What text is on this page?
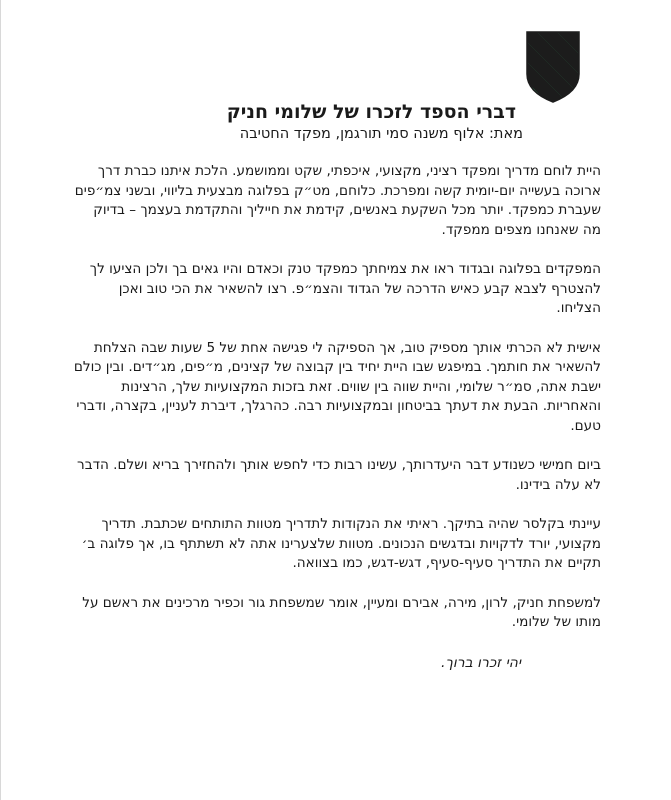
דברי הספד לזכרו של שלומי חניק

מאת: אלוף משנה סמי תורגמן, מפקד החטיבה

היית לוחם מדריך ומפקד רציני, מקצועי, איכפתי, שקט וממושמע. הלכת איתנו כברת דרך ארוכה בעשייה יום-יומית קשה ומפרכת. כלוחם, מט״ק בפלוגה מבצעית בליווי, ובשני צמ״פים שעברת כמפקד. יותר מכל השקעת באנשים, קידמת את חייליך והתקדמת בעצמך – בדיוק מה שאנחנו מצפים ממפקד.

המפקדים בפלוגה ובגדוד ראו את צמיחתך כמפקד טנק וכאדם והיו גאים בך ולכן הציעו לך להצטרף לצבא קבע כאיש הדרכה של הגדוד והצמ״פ. רצו להשאיר את הכי טוב ואכן הצליחו.

אישית לא הכרתי אותך מספיק טוב, אך הספיקה לי פגישה אחת של 5 שעות שבה הצלחת להשאיר את חותמך. במיפגש שבו היית יחיד בין קבוצה של קצינים, מ״פים, מג״דים. ובין כולם ישבת אתה, סמ״ר שלומי, והיית שווה בין שווים. זאת בזכות המקצועיות שלך, הרצינות והאחריות. הבעת את דעתך בביטחון ובמקצועיות רבה. כהרגלך, דיברת לעניין, בקצרה, ודברי טעם.

ביום חמישי כשנודע דבר היעדרותך, עשינו רבות כדי לחפש אותך ולהחזירך בריא ושלם. הדבר לא עלה בידינו.

עיינתי בקלסר שהיה בתיקך. ראיתי את הנקודות לתדריך מטוות התותחים שכתבת. תדריך מקצועי, יורד לדקויות ובדגשים הנכונים. מטוות שלצערינו אתה לא תשתתף בו, אך פלוגה ב׳ תקיים את התדריך סעיף-סעיף, דגש-דגש, כמו בצוואה.

למשפחת חניק, לרון, מירה, אבירם ומעיין, אומר שמשפחת גור וכפיר מרכינים את ראשם על מותו של שלומי.

יהי זכרו ברוך.
